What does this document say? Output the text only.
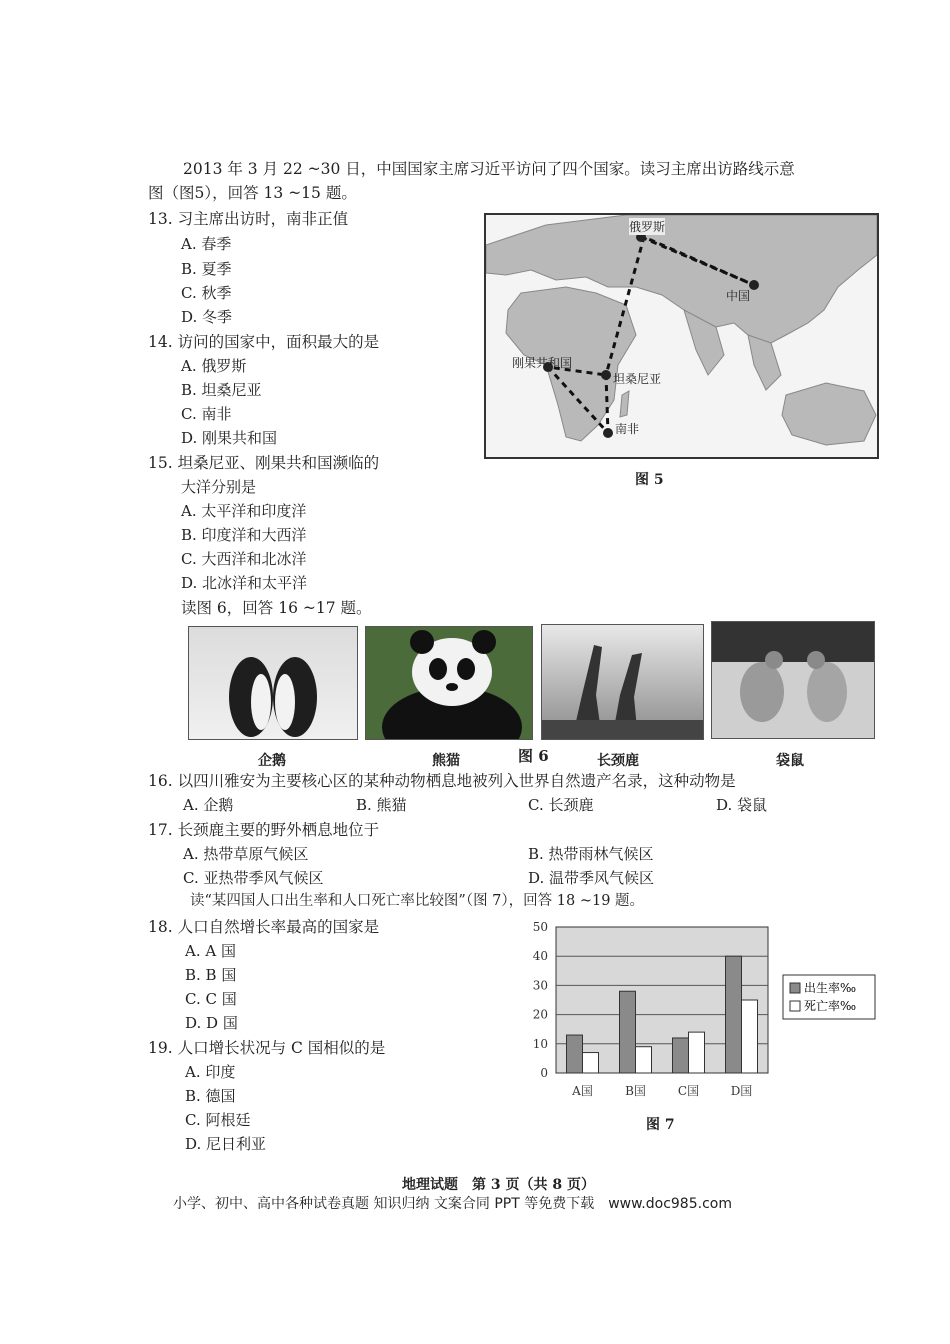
2013 年 3 月 22 ~30 日，中国国家主席习近平访问了四个国家。读习主席出访路线示意
图（图5），回答 13 ~15 题。
13. 习主席出访时，南非正值
A. 春季
B. 夏季
C. 秋季
D. 冬季
14. 访问的国家中，面积最大的是
A. 俄罗斯
B. 坦桑尼亚
C. 南非
D. 刚果共和国
15. 坦桑尼亚、刚果共和国濒临的
大洋分别是
A. 太平洋和印度洋
B. 印度洋和大西洋
C. 大西洋和北冰洋
D. 北冰洋和太平洋
俄罗斯
中国
刚果共和国
坦桑尼亚
南非
图 5
读图 6，回答 16 ~17 题。
企鹅	熊猫	图 6	长颈鹿	袋鼠
16. 以四川雅安为主要核心区的某种动物栖息地被列入世界自然遗产名录，这种动物是
A. 企鹅	B. 熊猫	C. 长颈鹿	D. 袋鼠
17. 长颈鹿主要的野外栖息地位于
A. 热带草原气候区	B. 热带雨林气候区
C. 亚热带季风气候区	D. 温带季风气候区
读“某四国人口出生率和人口死亡率比较图”（图 7），回答 18 ~19 题。
18. 人口自然增长率最高的国家是
A. A 国
B. B 国
C. C 国
D. D 国
19. 人口增长状况与 C 国相似的是
A. 印度
B. 德国
C. 阿根廷
D. 尼日利亚
0
10
20
30
40
50
A国	B国	C国	D国
出生率‰
死亡率‰
图 7
地理试题　第 3 页（共 8 页）
小学、初中、高中各种试卷真题 知识归纳 文案合同 PPT 等免费下载　www.doc985.com
